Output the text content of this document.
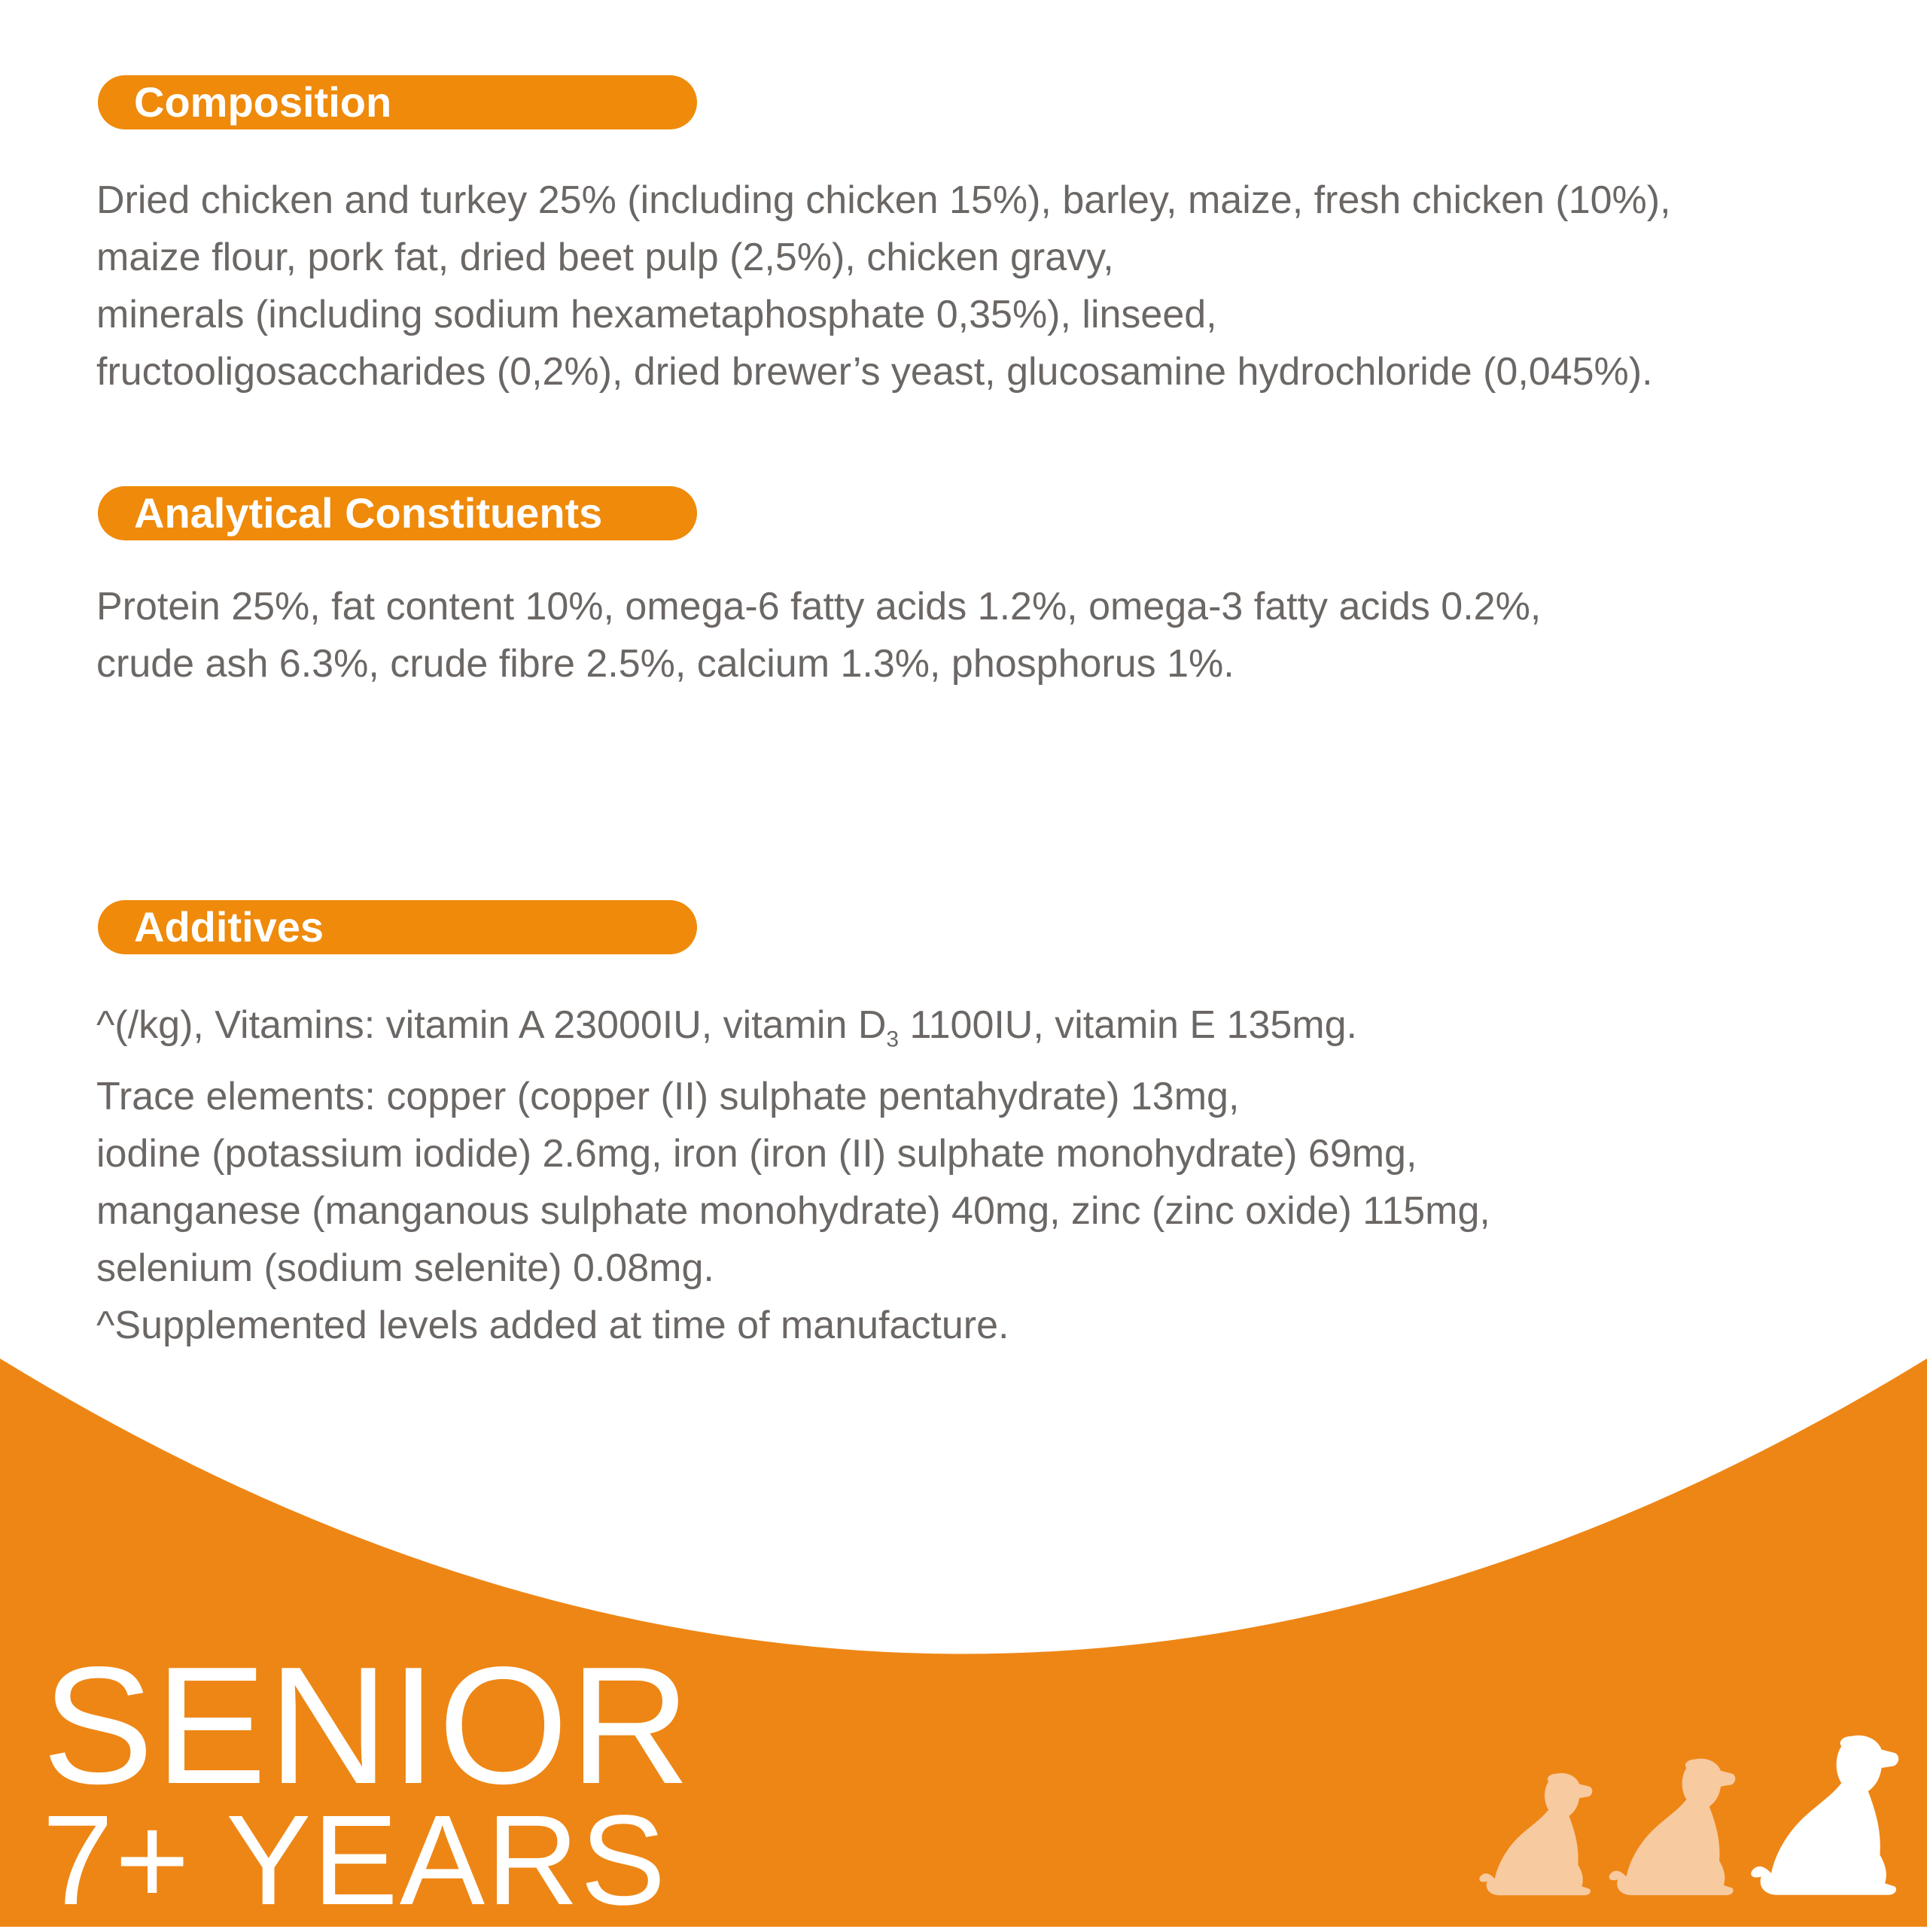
Composition
Dried chicken and turkey 25% (including chicken 15%), barley, maize, fresh chicken (10%),
maize flour, pork fat, dried beet pulp (2,5%), chicken gravy,
minerals (including sodium hexametaphosphate 0,35%), linseed,
fructooligosaccharides (0,2%), dried brewer’s yeast, glucosamine hydrochloride (0,045%).
Analytical Constituents
Protein 25%, fat content 10%, omega-6 fatty acids 1.2%, omega-3 fatty acids 0.2%,
crude ash 6.3%, crude fibre 2.5%, calcium 1.3%, phosphorus 1%.
Additives
^(/kg), Vitamins: vitamin A 23000IU, vitamin $D_3$ 1100IU, vitamin E 135mg.
Trace elements: copper (copper (II) sulphate pentahydrate) 13mg,
iodine (potassium iodide) 2.6mg, iron (iron (II) sulphate monohydrate) 69mg,
manganese (manganous sulphate monohydrate) 40mg, zinc (zinc oxide) 115mg,
selenium (sodium selenite) 0.08mg.
^Supplemented levels added at time of manufacture.
SENIOR
7+ YEARS
